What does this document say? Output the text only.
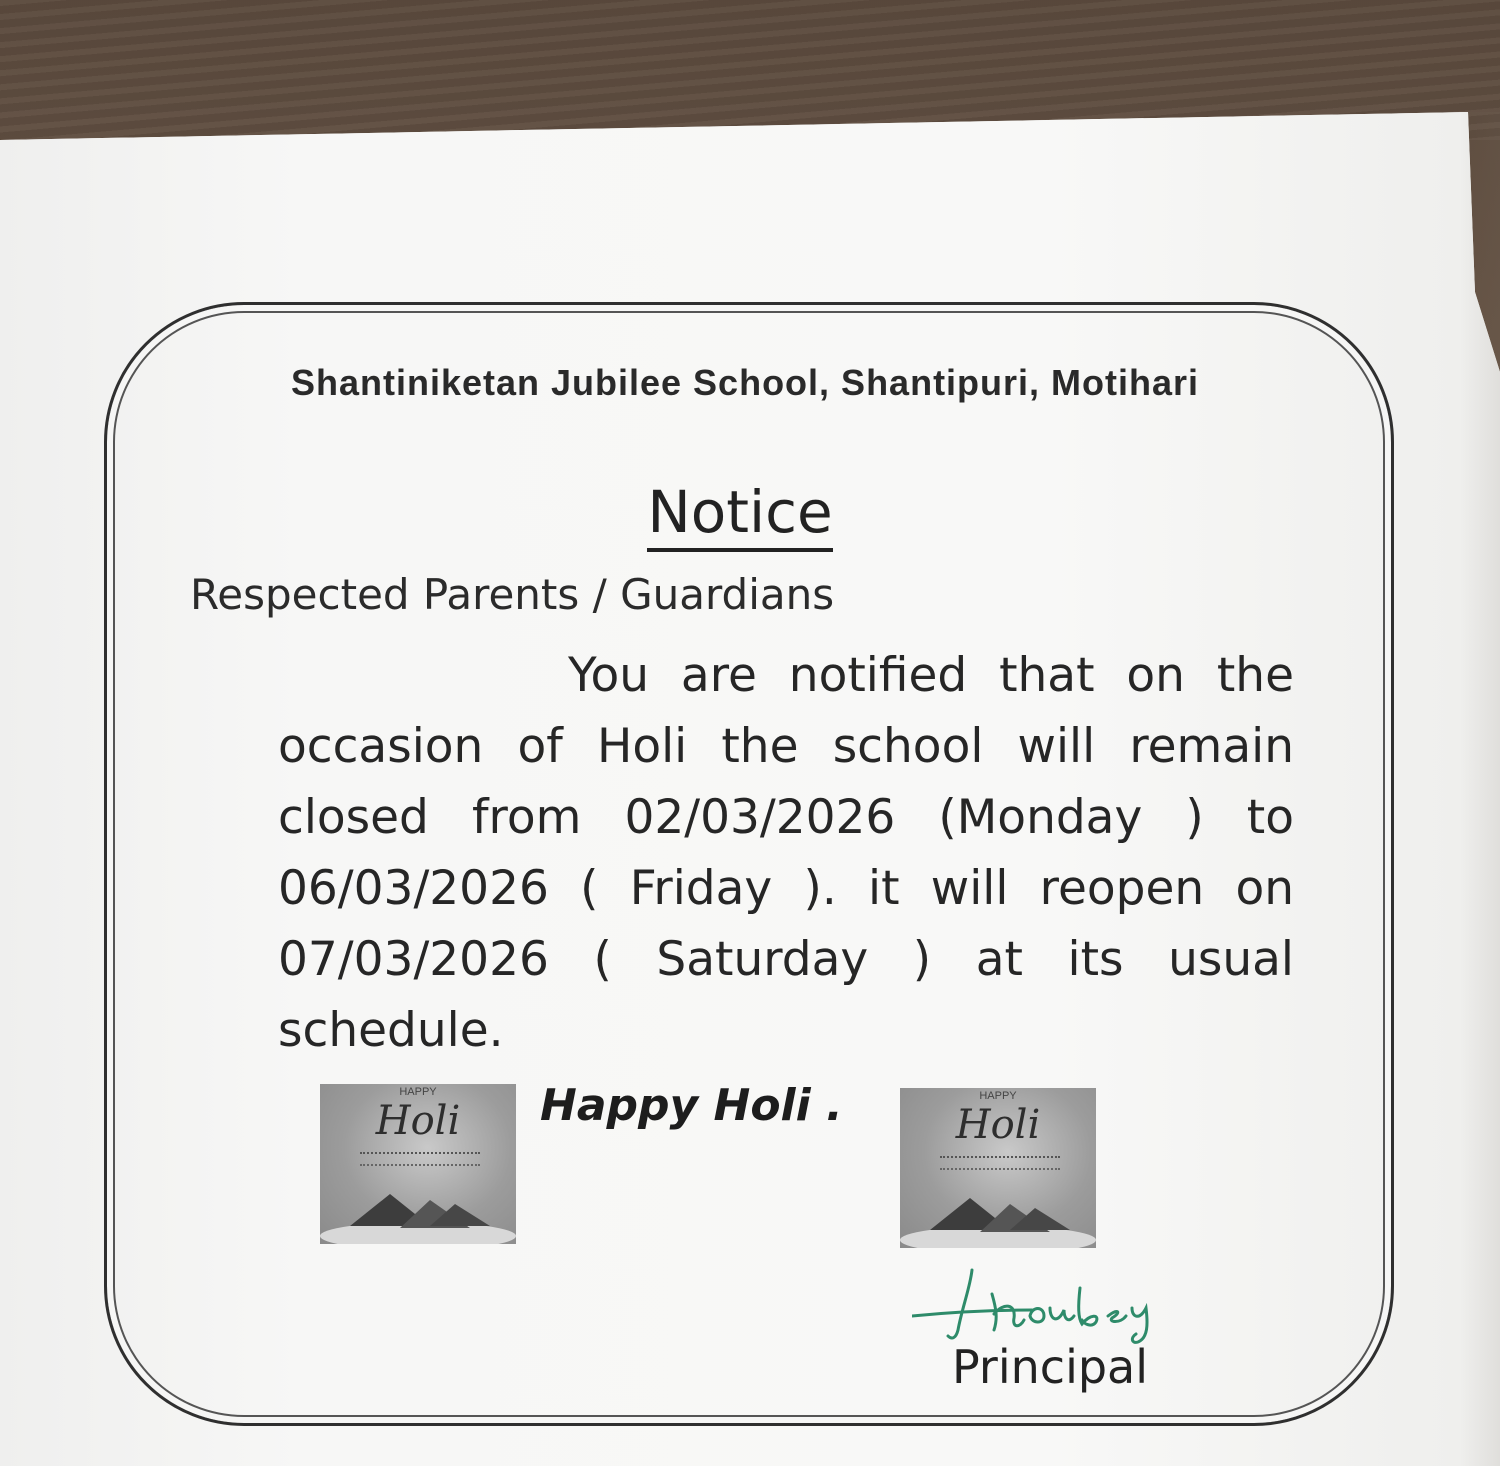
Shantiniketan Jubilee School, Shantipuri, Motihari
Notice
Respected Parents / Guardians
You are notified that on the occasion of Holi the school will remain closed from 02/03/2026 (Monday ) to 06/03/2026 ( Friday ). it will reopen on 07/03/2026 ( Saturday ) at its usual schedule.
HAPPY
Holi	Happy Holi .	HAPPY
Holi
Principal
